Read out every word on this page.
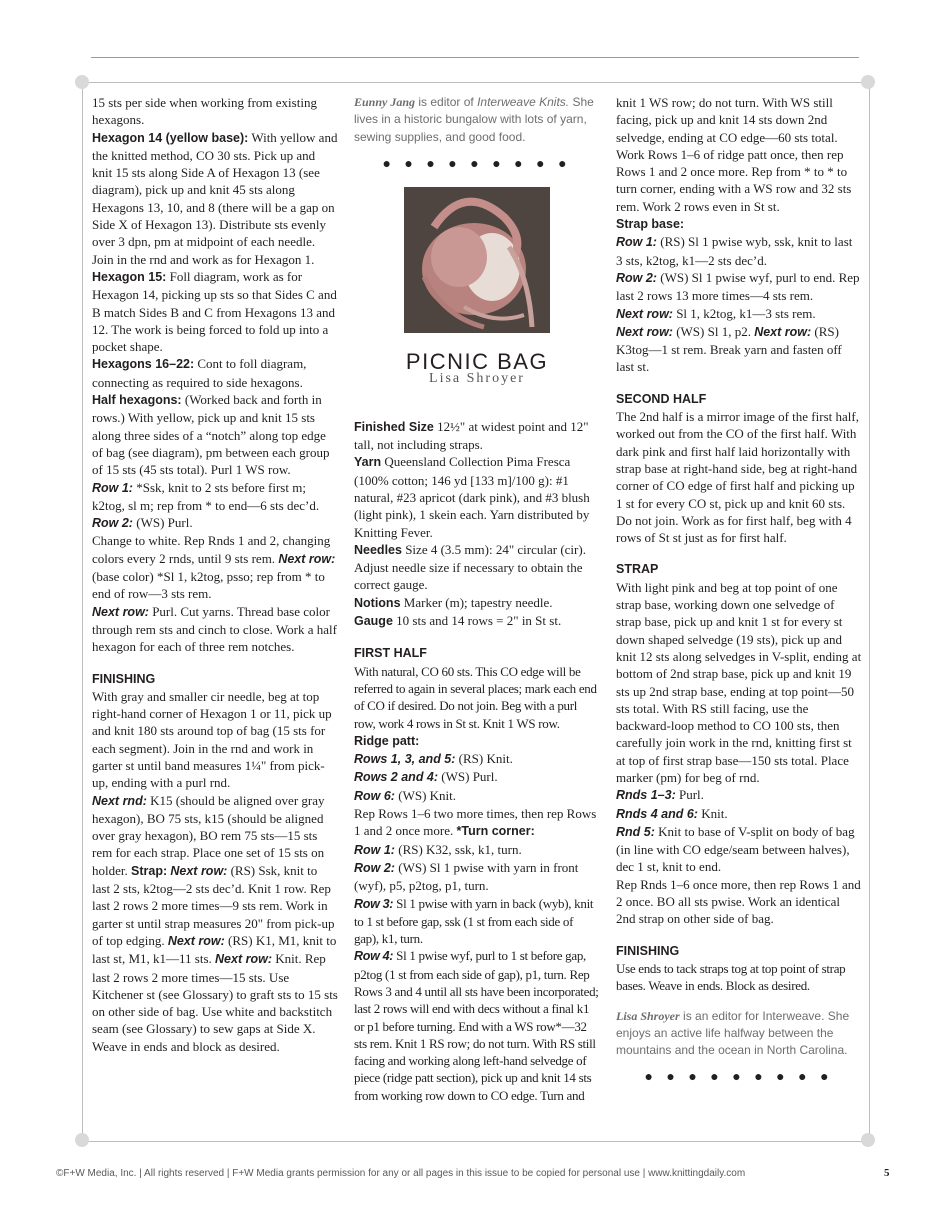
15 sts per side when working from existing hexagons.

Hexagon 14 (yellow base): With yellow and the knitted method, CO 30 sts. Pick up and knit 15 sts along Side A of Hexagon 13 (see diagram), pick up and knit 45 sts along Hexagons 13, 10, and 8 (there will be a gap on Side X of Hexagon 13). Distribute sts evenly over 3 dpn, pm at midpoint of each needle. Join in the rnd and work as for Hexagon 1.

Hexagon 15: Foll diagram, work as for Hexagon 14, picking up sts so that Sides C and B match Sides B and C from Hexagons 13 and 12. The work is being forced to fold up into a pocket shape.

Hexagons 16–22: Cont to foll diagram, connecting as required to side hexagons.

Half hexagons: (Worked back and forth in rows.) With yellow, pick up and knit 15 sts along three sides of a “notch” along top edge of bag (see diagram), pm between each group of 15 sts (45 sts total). Purl 1 WS row.

Row 1: *Ssk, knit to 2 sts before first m; k2tog, sl m; rep from * to end—6 sts dec’d.

Row 2: (WS) Purl.

Change to white. Rep Rnds 1 and 2, changing colors every 2 rnds, until 9 sts rem. Next row: (base color) *Sl 1, k2tog, psso; rep from * to end of row—3 sts rem.

Next row: Purl. Cut yarns. Thread base color through rem sts and cinch to close. Work a half hexagon for each of three rem notches.

FINISHING

With gray and smaller cir needle, beg at top right-hand corner of Hexagon 1 or 11, pick up and knit 180 sts around top of bag (15 sts for each segment). Join in the rnd and work in garter st until band measures 1¼" from pick-up, ending with a purl rnd.

Next rnd: K15 (should be aligned over gray hexagon), BO 75 sts, k15 (should be aligned over gray hexagon), BO rem 75 sts—15 sts rem for each strap. Place one set of 15 sts on holder. Strap: Next row: (RS) Ssk, knit to last 2 sts, k2tog—2 sts dec’d. Knit 1 row. Rep last 2 rows 2 more times—9 sts rem. Work in garter st until strap measures 20" from pick-up of top edging. Next row: (RS) K1, M1, knit to last st, M1, k1—11 sts. Next row: Knit. Rep last 2 rows 2 more times—15 sts. Use Kitchener st (see Glossary) to graft sts to 15 sts on other side of bag. Use white and backstitch seam (see Glossary) to sew gaps at Side X. Weave in ends and block as desired.

Eunny Jang is editor of Interweave Knits. She lives in a historic bungalow with lots of yarn, sewing supplies, and good food.

● ● ● ● ● ● ● ● ●

PICNIC BAG

Lisa Shroyer

Finished Size 12½" at widest point and 12" tall, not including straps.

Yarn Queensland Collection Pima Fresca (100% cotton; 146 yd [133 m]/100 g): #1 natural, #23 apricot (dark pink), and #3 blush (light pink), 1 skein each. Yarn distributed by Knitting Fever.

Needles Size 4 (3.5 mm): 24" circular (cir). Adjust needle size if necessary to obtain the correct gauge.

Notions Marker (m); tapestry needle.

Gauge 10 sts and 14 rows = 2" in St st.

FIRST HALF

With natural, CO 60 sts. This CO edge will be referred to again in several places; mark each end of CO if desired. Do not join. Beg with a purl row, work 4 rows in St st. Knit 1 WS row.

Ridge patt:

Rows 1, 3, and 5: (RS) Knit.

Rows 2 and 4: (WS) Purl.

Row 6: (WS) Knit.

Rep Rows 1–6 two more times, then rep Rows 1 and 2 once more. *Turn corner:

Row 1: (RS) K32, ssk, k1, turn.

Row 2: (WS) Sl 1 pwise with yarn in front (wyf), p5, p2tog, p1, turn.

Row 3: Sl 1 pwise with yarn in back (wyb), knit to 1 st before gap, ssk (1 st from each side of gap), k1, turn.

Row 4: Sl 1 pwise wyf, purl to 1 st before gap, p2tog (1 st from each side of gap), p1, turn. Rep Rows 3 and 4 until all sts have been incorporated; last 2 rows will end with decs without a final k1 or p1 before turning. End with a WS row*—32 sts rem. Knit 1 RS row; do not turn. With RS still facing and working along left-hand selvedge of piece (ridge patt section), pick up and knit 14 sts from working row down to CO edge. Turn and

knit 1 WS row; do not turn. With WS still facing, pick up and knit 14 sts down 2nd selvedge, ending at CO edge—60 sts total. Work Rows 1–6 of ridge patt once, then rep Rows 1 and 2 once more. Rep from * to * to turn corner, ending with a WS row and 32 sts rem. Work 2 rows even in St st.

Strap base:

Row 1: (RS) Sl 1 pwise wyb, ssk, knit to last 3 sts, k2tog, k1—2 sts dec’d.

Row 2: (WS) Sl 1 pwise wyf, purl to end. Rep last 2 rows 13 more times—4 sts rem.

Next row: Sl 1, k2tog, k1—3 sts rem.

Next row: (WS) Sl 1, p2. Next row: (RS) K3tog—1 st rem. Break yarn and fasten off last st.

SECOND HALF

The 2nd half is a mirror image of the first half, worked out from the CO of the first half. With dark pink and first half laid horizontally with strap base at right-hand side, beg at right-hand corner of CO edge of first half and picking up 1 st for every CO st, pick up and knit 60 sts. Do not join. Work as for first half, beg with 4 rows of St st just as for first half.

STRAP

With light pink and beg at top point of one strap base, working down one selvedge of strap base, pick up and knit 1 st for every st down shaped selvedge (19 sts), pick up and knit 12 sts along selvedges in V-split, ending at bottom of 2nd strap base, pick up and knit 19 sts up 2nd strap base, ending at top point—50 sts total. With RS still facing, use the backward-loop method to CO 100 sts, then carefully join work in the rnd, knitting first st at top of first strap base—150 sts total. Place marker (pm) for beg of rnd.

Rnds 1–3: Purl.

Rnds 4 and 6: Knit.

Rnd 5: Knit to base of V-split on body of bag (in line with CO edge/seam between halves), dec 1 st, knit to end.

Rep Rnds 1–6 once more, then rep Rows 1 and 2 once. BO all sts pwise. Work an identical 2nd strap on other side of bag.

FINISHING

Use ends to tack straps tog at top point of strap bases. Weave in ends. Block as desired.

Lisa Shroyer is an editor for Interweave. She enjoys an active life halfway between the mountains and the ocean in North Carolina.

● ● ● ● ● ● ● ● ●
©F+W Media, Inc. | All rights reserved | F+W Media grants permission for any or all pages in this issue to be copied for personal use | www.knittingdaily.com	5
